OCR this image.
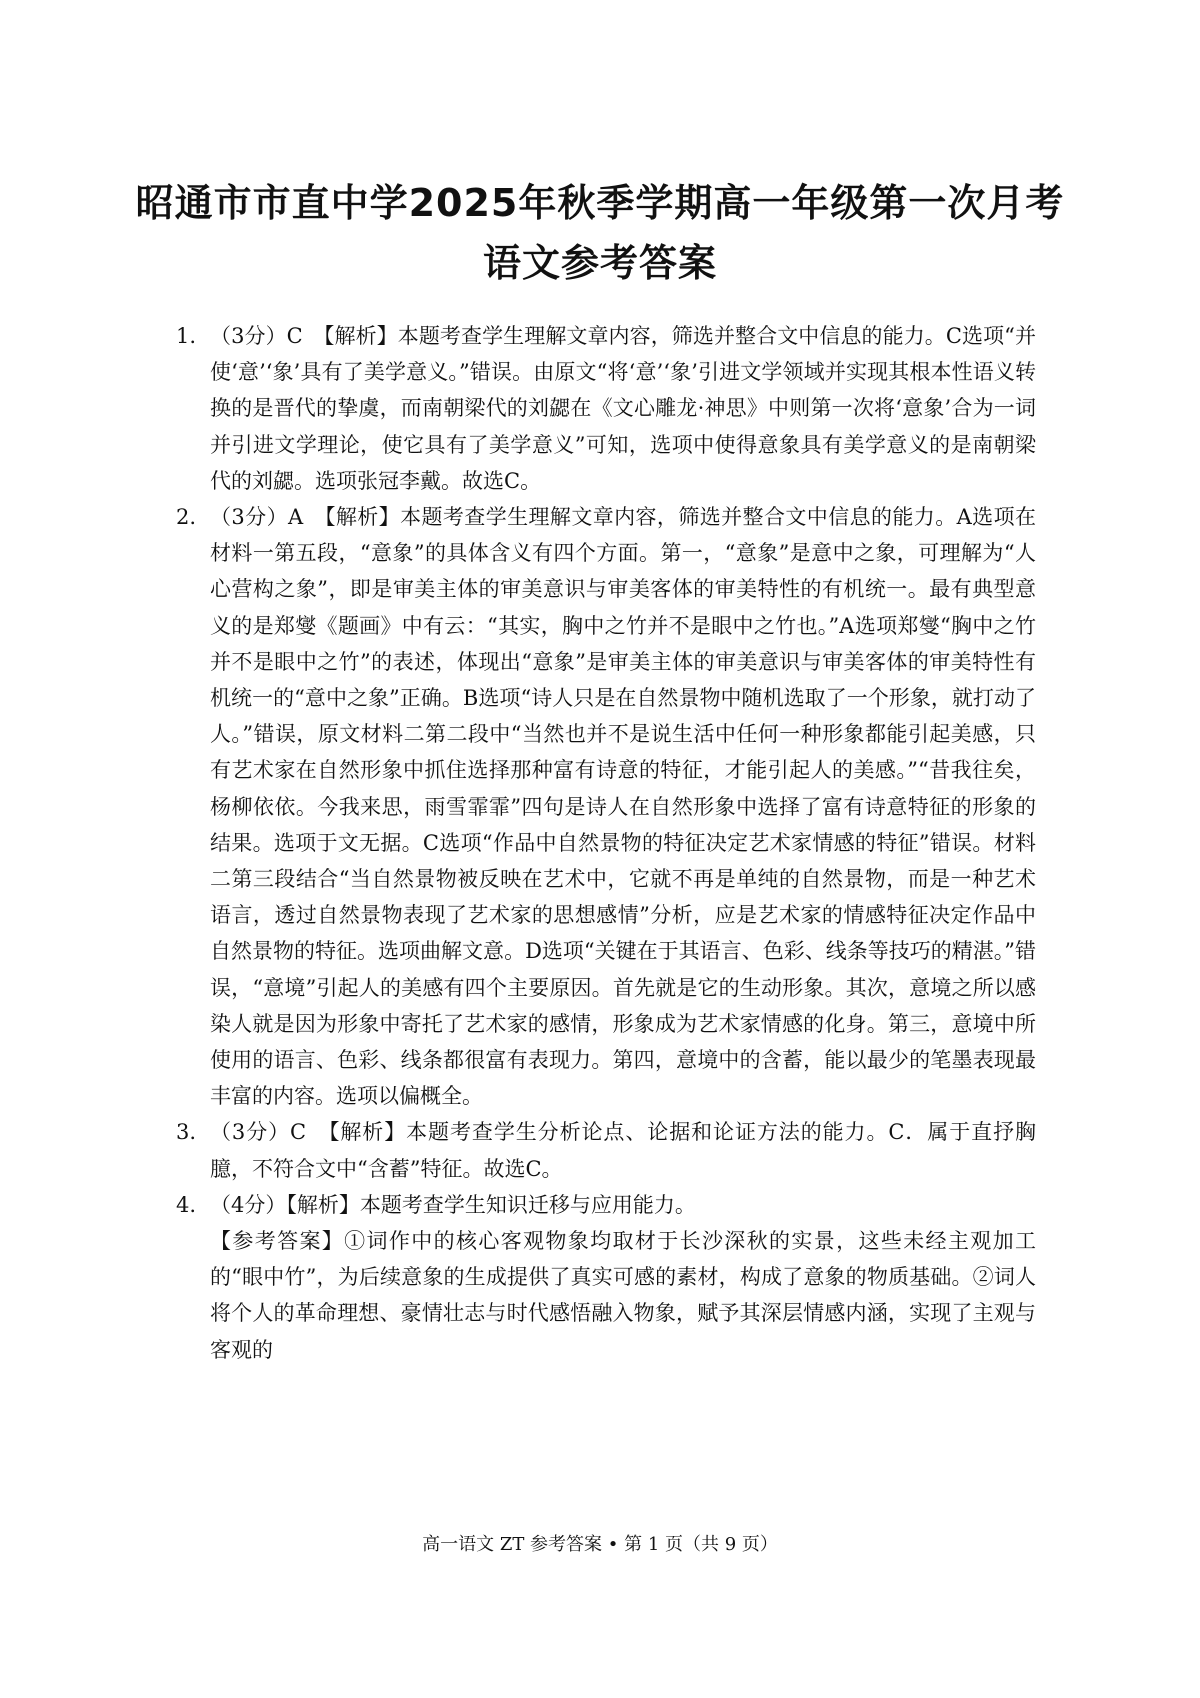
昭通市市直中学2025年秋季学期高一年级第一次月考
语文参考答案

1. （3分）C　【解析】本题考查学生理解文章内容，筛选并整合文中信息的能力。C选项“并使‘意’‘象’具有了美学意义。”错误。由原文“将‘意’‘象’引进文学领域并实现其根本性语义转换的是晋代的挚虞，而南朝梁代的刘勰在《文心雕龙·神思》中则第一次将‘意象’合为一词并引进文学理论，使它具有了美学意义”可知，选项中使得意象具有美学意义的是南朝梁代的刘勰。选项张冠李戴。故选C。

2. （3分）A　【解析】本题考查学生理解文章内容，筛选并整合文中信息的能力。A选项在材料一第五段，“意象”的具体含义有四个方面。第一，“意象”是意中之象，可理解为“人心营构之象”，即是审美主体的审美意识与审美客体的审美特性的有机统一。最有典型意义的是郑燮《题画》中有云：“其实，胸中之竹并不是眼中之竹也。”A选项郑燮“胸中之竹并不是眼中之竹”的表述，体现出“意象”是审美主体的审美意识与审美客体的审美特性有机统一的“意中之象”正确。B选项“诗人只是在自然景物中随机选取了一个形象，就打动了人。”错误，原文材料二第二段中“当然也并不是说生活中任何一种形象都能引起美感，只有艺术家在自然形象中抓住选择那种富有诗意的特征，才能引起人的美感。”“昔我往矣，杨柳依依。今我来思，雨雪霏霏”四句是诗人在自然形象中选择了富有诗意特征的形象的结果。选项于文无据。C选项“作品中自然景物的特征决定艺术家情感的特征”错误。材料二第三段结合“当自然景物被反映在艺术中，它就不再是单纯的自然景物，而是一种艺术语言，透过自然景物表现了艺术家的思想感情”分析，应是艺术家的情感特征决定作品中自然景物的特征。选项曲解文意。D选项“关键在于其语言、色彩、线条等技巧的精湛。”错误，“意境”引起人的美感有四个主要原因。首先就是它的生动形象。其次，意境之所以感染人就是因为形象中寄托了艺术家的感情，形象成为艺术家情感的化身。第三，意境中所使用的语言、色彩、线条都很富有表现力。第四，意境中的含蓄，能以最少的笔墨表现最丰富的内容。选项以偏概全。

3. （3分）C　【解析】本题考查学生分析论点、论据和论证方法的能力。C．属于直抒胸臆，不符合文中“含蓄”特征。故选C。

4. （4分）【解析】本题考查学生知识迁移与应用能力。

【参考答案】①词作中的核心客观物象均取材于长沙深秋的实景，这些未经主观加工的“眼中竹”，为后续意象的生成提供了真实可感的素材，构成了意象的物质基础。②词人将个人的革命理想、豪情壮志与时代感悟融入物象，赋予其深层情感内涵，实现了主观与客观的

高一语文 ZT 参考答案 • 第 1 页（共 9 页）
